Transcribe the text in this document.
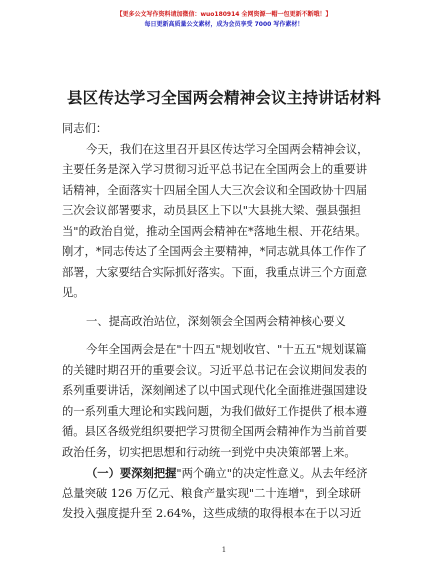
【更多公文写作资料请加微信：wuo180914 全网资源一帽一包更新不断哦！】
每日更新高质量公文素材，成为会员享受 7000 写作素材！
县区传达学习全国两会精神会议主持讲话材料
同志们：
今天，我们在这里召开县区传达学习全国两会精神会议，
主要任务是深入学习贯彻习近平总书记在全国两会上的重要讲
话精神，全面落实十四届全国人大三次会议和全国政协十四届
三次会议部署要求，动员县区上下以"大县挑大梁、强县强担
当"的政治自觉，推动全国两会精神在*落地生根、开花结果。
刚才，*同志传达了全国两会主要精神，*同志就具体工作作了
部署，大家要结合实际抓好落实。下面，我重点讲三个方面意
见。
一、提高政治站位，深刻领会全国两会精神核心要义
今年全国两会是在"十四五"规划收官、"十五五"规划谋篇
的关键时期召开的重要会议。习近平总书记在会议期间发表的
系列重要讲话，深刻阐述了以中国式现代化全面推进强国建设
的一系列重大理论和实践问题，为我们做好工作提供了根本遵
循。县区各级党组织要把学习贯彻全国两会精神作为当前首要
政治任务，切实把思想和行动统一到党中央决策部署上来。
（一）要深刻把握"两个确立"的决定性意义。从去年经济
总量突破 126 万亿元、粮食产量实现"二十连增"，到全球研
发投入强度提升至 2.64%，这些成绩的取得根本在于以习近
1
